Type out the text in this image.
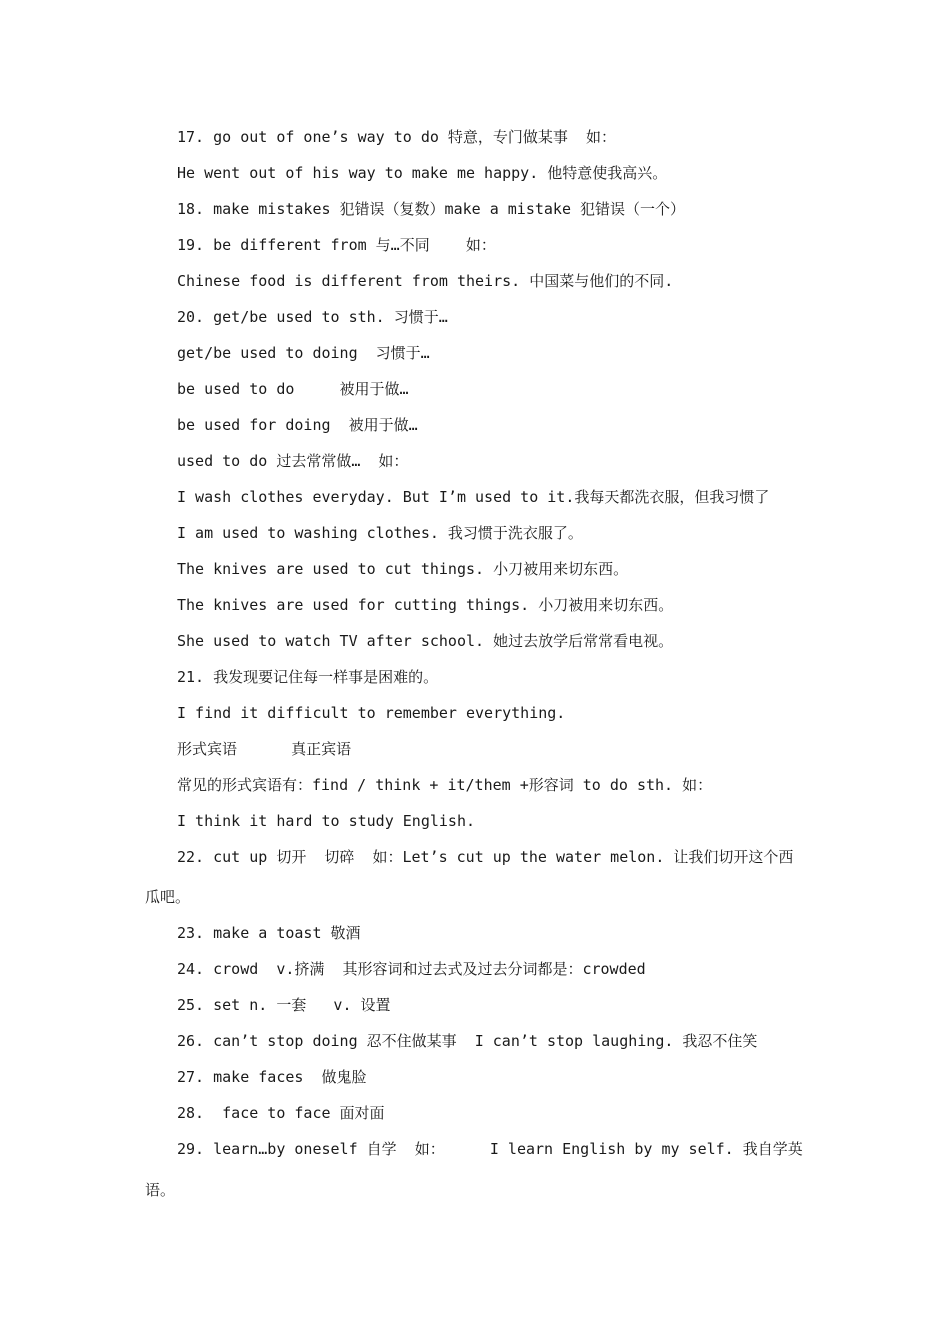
17. go out of one’s way to do 特意，专门做某事  如：
He went out of his way to make me happy. 他特意使我高兴。
18. make mistakes 犯错误（复数）make a mistake 犯错误（一个）
19. be different from 与…不同    如：
Chinese food is different from theirs. 中国菜与他们的不同.
20. get/be used to sth. 习惯于…
get/be used to doing  习惯于…
be used to do     被用于做…
be used for doing  被用于做…
used to do 过去常常做…  如：
I wash clothes everyday. But I’m used to it.我每天都洗衣服，但我习惯了
I am used to washing clothes. 我习惯于洗衣服了。
The knives are used to cut things. 小刀被用来切东西。
The knives are used for cutting things. 小刀被用来切东西。
She used to watch TV after school. 她过去放学后常常看电视。
21. 我发现要记住每一样事是困难的。
I find it difficult to remember everything.
形式宾语      真正宾语
常见的形式宾语有：find / think + it/them +形容词 to do sth. 如：
I think it hard to study English.
22. cut up 切开  切碎  如：Let’s cut up the water melon. 让我们切开这个西
瓜吧。
23. make a toast 敬酒
24. crowd  v.挤满  其形容词和过去式及过去分词都是：crowded
25. set n. 一套   v. 设置
26. can’t stop doing 忍不住做某事  I can’t stop laughing. 我忍不住笑
27. make faces  做鬼脸
28.  face to face 面对面
29. learn…by oneself 自学  如：     I learn English by my self. 我自学英
语。
